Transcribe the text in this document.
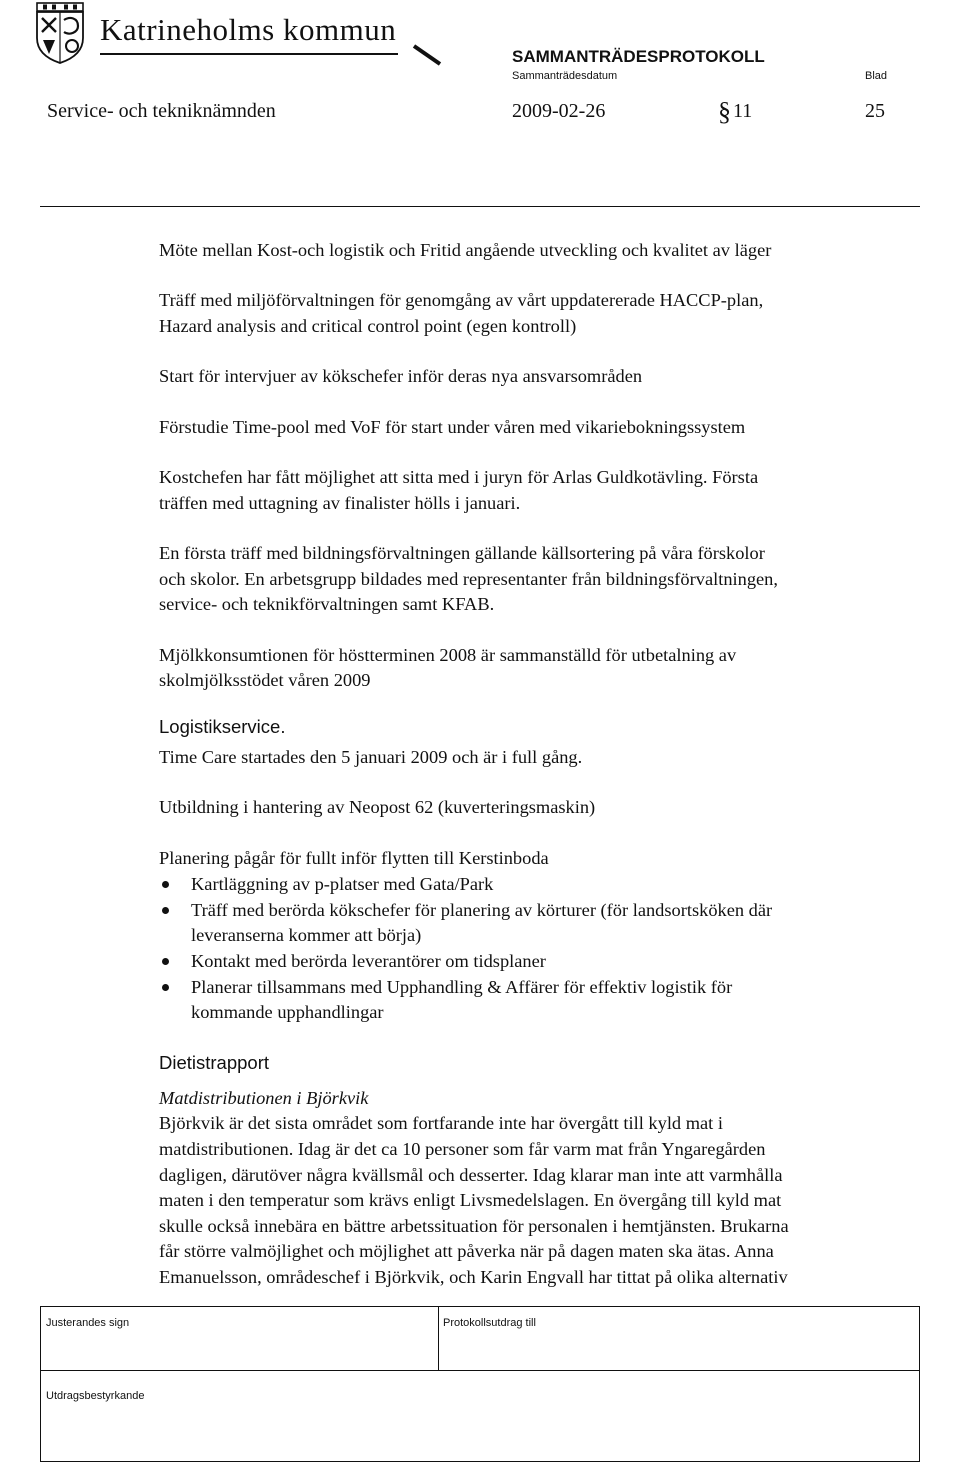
Katrineholms kommun
SAMMANTRÄDESPROTOKOLL
Sammanträdesdatum	Blad
Service- och tekniknämnden	2009-02-26	§ 11	25

Möte mellan Kost-och logistik och Fritid angående utveckling och kvalitet av läger

Träff med miljöförvaltningen för genomgång av vårt uppdatererade HACCP-plan,
Hazard analysis and critical control point (egen kontroll)

Start för intervjuer av kökschefer inför deras nya ansvarsområden

Förstudie Time-pool med VoF för start under våren med vikariebokningssystem

Kostchefen har fått möjlighet att sitta med i juryn för Arlas Guldkotävling. Första
träffen med uttagning av finalister hölls i januari.

En första träff med bildningsförvaltningen gällande källsortering på våra förskolor
och skolor. En arbetsgrupp bildades med representanter från bildningsförvaltningen,
service- och teknikförvaltningen samt KFAB.

Mjölkkonsumtionen för höstterminen 2008 är sammanställd för utbetalning av
skolmjölksstödet våren 2009

Logistikservice.

Time Care startades den 5 januari 2009 och är i full gång.

Utbildning i hantering av Neopost 62 (kuverteringsmaskin)

Planering pågår för fullt inför flytten till Kerstinboda

Kartläggning av p-platser med Gata/Park
Träff med berörda kökschefer för planering av körturer (för landsortsköken där
leveranserna kommer att börja)
Kontakt med berörda leverantörer om tidsplaner
Planerar tillsammans med Upphandling & Affärer för effektiv logistik för
kommande upphandlingar

Dietistrapport

Matdistributionen i Björkvik

Björkvik är det sista området som fortfarande inte har övergått till kyld mat i
matdistributionen. Idag är det ca 10 personer som får varm mat från Yngaregården
dagligen, därutöver några kvällsmål och desserter. Idag klarar man inte att varmhålla
maten i den temperatur som krävs enligt Livsmedelslagen. En övergång till kyld mat
skulle också innebära en bättre arbetssituation för personalen i hemtjänsten. Brukarna
får större valmöjlighet och möjlighet att påverka när på dagen maten ska ätas. Anna
Emanuelsson, områdeschef i Björkvik, och Karin Engvall har tittat på olika alternativ

Justerandes sign	Protokollsutdrag till
Utdragsbestyrkande
